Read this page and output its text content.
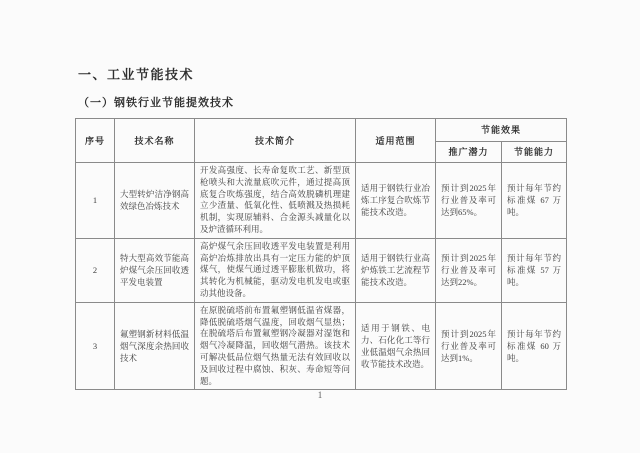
一、工业节能技术
（一）钢铁行业节能提效技术
序号	技术名称	技术简介	适用范围	节能效果	
				推广潜力	节能能力
1	大型转炉洁净钢高效绿色冶炼技术	开发高强度、长寿命复吹工艺、新型顶枪喷头和大流量底吹元件，通过提高顶底复合吹炼强度，结合高效脱磷机理建立少渣量、低氧化性、低喷溅及热损耗机制，实现原辅料、合金源头减量化以及炉渣循环利用。	适用于钢铁行业冶炼工序复合吹炼节能技术改造。	预计到2025年行业普及率可达到65%。	预计每年节约标准煤 67 万吨。
2	特大型高效节能高炉煤气余压回收透平发电装置	高炉煤气余压回收透平发电装置是利用高炉冶炼排放出具有一定压力能的炉顶煤气，使煤气通过透平膨胀机做功，将其转化为机械能，驱动发电机发电或驱动其他设备。	适用于钢铁行业高炉炼铁工艺流程节能技术改造。	预计到2025年行业普及率可达到22%。	预计每年节约标准煤 57 万吨。
3	氟塑钢新材料低温烟气深度余热回收技术	在原脱硫塔前布置氟塑钢低温省煤器，降低脱硫塔烟气温度，回收烟气显热；在脱硫塔后布置氟塑钢冷凝器对湿饱和烟气冷凝降温，回收烟气潜热。该技术可解决低品位烟气热量无法有效回收以及回收过程中腐蚀、积灰、寿命短等问题。	适用于钢铁、电力、石化化工等行业低温烟气余热回收节能技术改造。	预计到2025年行业普及率可达到1%。	预计每年节约标准煤 60 万吨。
1
